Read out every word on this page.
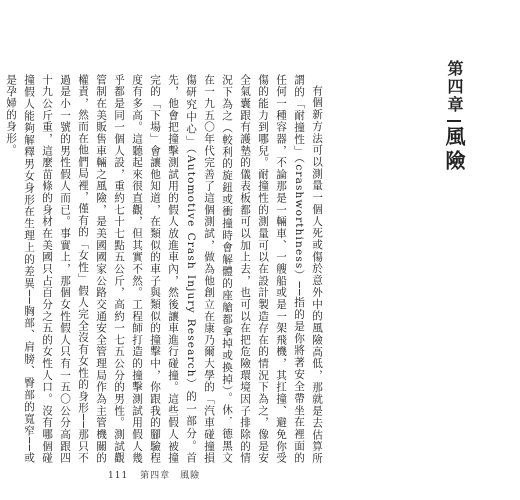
第四章
風險

有個新方法可以測量一個人死或傷於意外中的風險高低，那就是去估算所謂的「耐撞性」（crashworthiness）──指的是你將著安全帶坐在裡面的任何一種容器，不論那是一輛車、一艘船或是一架飛機，其扛撞、避免你受傷的能力到哪兒。耐撞性的測量可以在設計製造存在的情況下為之，像是安全氣囊跟有護墊的儀表板都可以加上去，也可以在把危險環境因子排除的情況下為之（較利的旋鈕或衝撞時會解體的座艙都拿掉或換掉）。休．德黑文在一九五〇年代完善了這個測試，做為他創立在康乃爾大學的「汽車碰撞損傷研究中心」（Automotive Crash Injury Research）的一部分。首先，他會把撞擊測試用的假人放進車內，然後讓車進行碰撞。這些假人被撞完的「下場」會讓他知道，在類似的車子與類似的撞擊中，你跟我的腳驗程度有多高。這聽起來很直觀，但其實不然。工程師打造的撞擊測試用假人幾乎都是同一個人設，重約七十七點五公斤，高約一七五公分的男性。測試觀管制在美販售車輛之風險，是美國國家公路交通安全管理局作為主管機關的權責，然而在他們局裡，僅有的「女性」假人完全沒有女性的身形──那只不過是小一號的男性假人而已。事實上，那個女性假人只有一五〇公分高跟四十九公斤重，這麼苗條的身材在美國只占百分之五的女性人口。沒有哪個碰撞假人能夠解釋男女身形在生理上的差異──胸部、肩膀、臀部的寬窄──或是孕婦的身形。

111 第四章　風險
